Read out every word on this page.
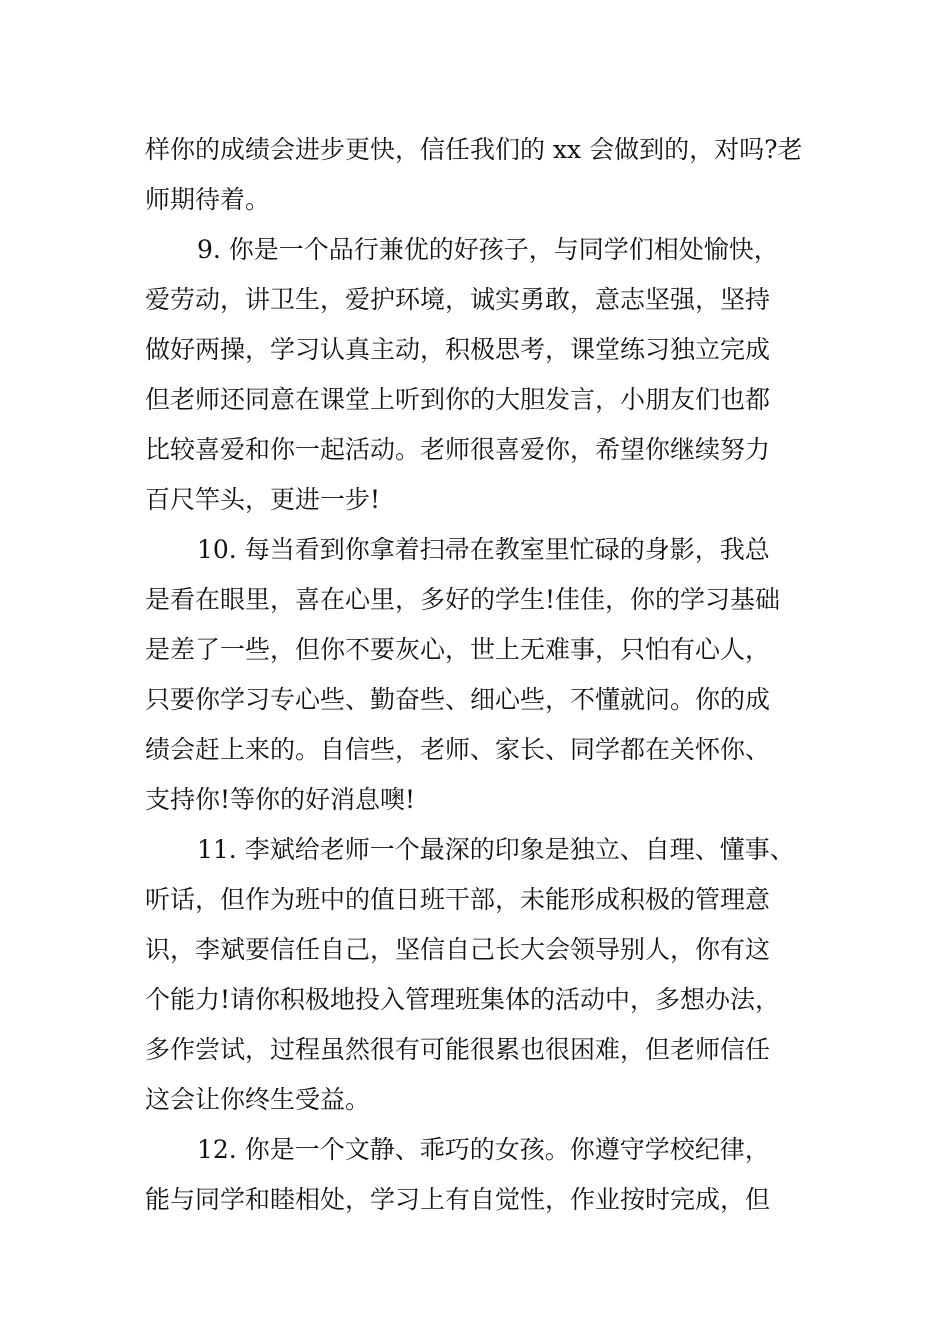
样你的成绩会进步更快，信任我们的 xx 会做到的，对吗?老
师期待着。
9. 你是一个品行兼优的好孩子，与同学们相处愉快，
爱劳动，讲卫生，爱护环境，诚实勇敢，意志坚强，坚持
做好两操，学习认真主动，积极思考，课堂练习独立完成
但老师还同意在课堂上听到你的大胆发言，小朋友们也都
比较喜爱和你一起活动。老师很喜爱你，希望你继续努力
百尺竿头，更进一步!
10. 每当看到你拿着扫帚在教室里忙碌的身影，我总
是看在眼里，喜在心里，多好的学生!佳佳，你的学习基础
是差了一些，但你不要灰心，世上无难事，只怕有心人，
只要你学习专心些、勤奋些、细心些，不懂就问。你的成
绩会赶上来的。自信些，老师、家长、同学都在关怀你、
支持你!等你的好消息噢!
11. 李斌给老师一个最深的印象是独立、自理、懂事、
听话，但作为班中的值日班干部，未能形成积极的管理意
识，李斌要信任自己，坚信自己长大会领导别人，你有这
个能力!请你积极地投入管理班集体的活动中，多想办法，
多作尝试，过程虽然很有可能很累也很困难，但老师信任
这会让你终生受益。
12. 你是一个文静、乖巧的女孩。你遵守学校纪律，
能与同学和睦相处，学习上有自觉性，作业按时完成，但
